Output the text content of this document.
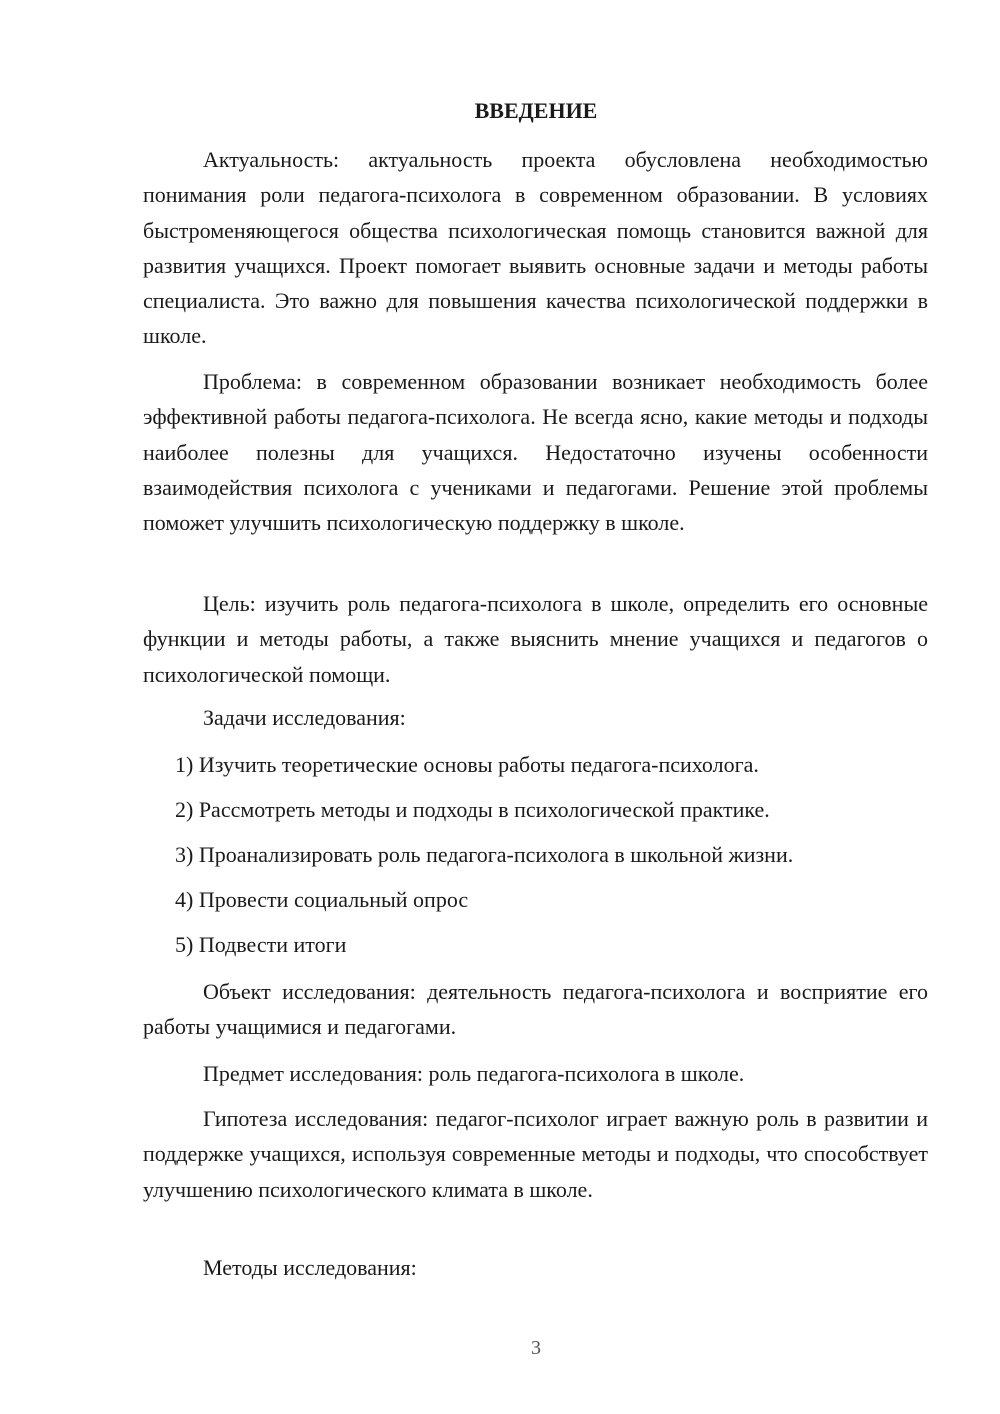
ВВЕДЕНИЕ

Актуальность: актуальность проекта обусловлена необходимостью понимания роли педагога-психолога в современном образовании. В условиях быстроменяющегося общества психологическая помощь становится важной для развития учащихся. Проект помогает выявить основные задачи и методы работы специалиста. Это важно для повышения качества психологической поддержки в школе.

Проблема: в современном образовании возникает необходимость более эффективной работы педагога-психолога. Не всегда ясно, какие методы и подходы наиболее полезны для учащихся. Недостаточно изучены особенности взаимодействия психолога с учениками и педагогами. Решение этой проблемы поможет улучшить психологическую поддержку в школе.

Цель: изучить роль педагога-психолога в школе, определить его основные функции и методы работы, а также выяснить мнение учащихся и педагогов о психологической помощи.

Задачи исследования:

1) Изучить теоретические основы работы педагога-психолога.

2) Рассмотреть методы и подходы в психологической практике.

3) Проанализировать роль педагога-психолога в школьной жизни.

4) Провести социальный опрос

5) Подвести итоги

Объект исследования: деятельность педагога-психолога и восприятие его работы учащимися и педагогами.

Предмет исследования: роль педагога-психолога в школе.

Гипотеза исследования: педагог-психолог играет важную роль в развитии и поддержке учащихся, используя современные методы и подходы, что способствует улучшению психологического климата в школе.

Методы исследования:

3
